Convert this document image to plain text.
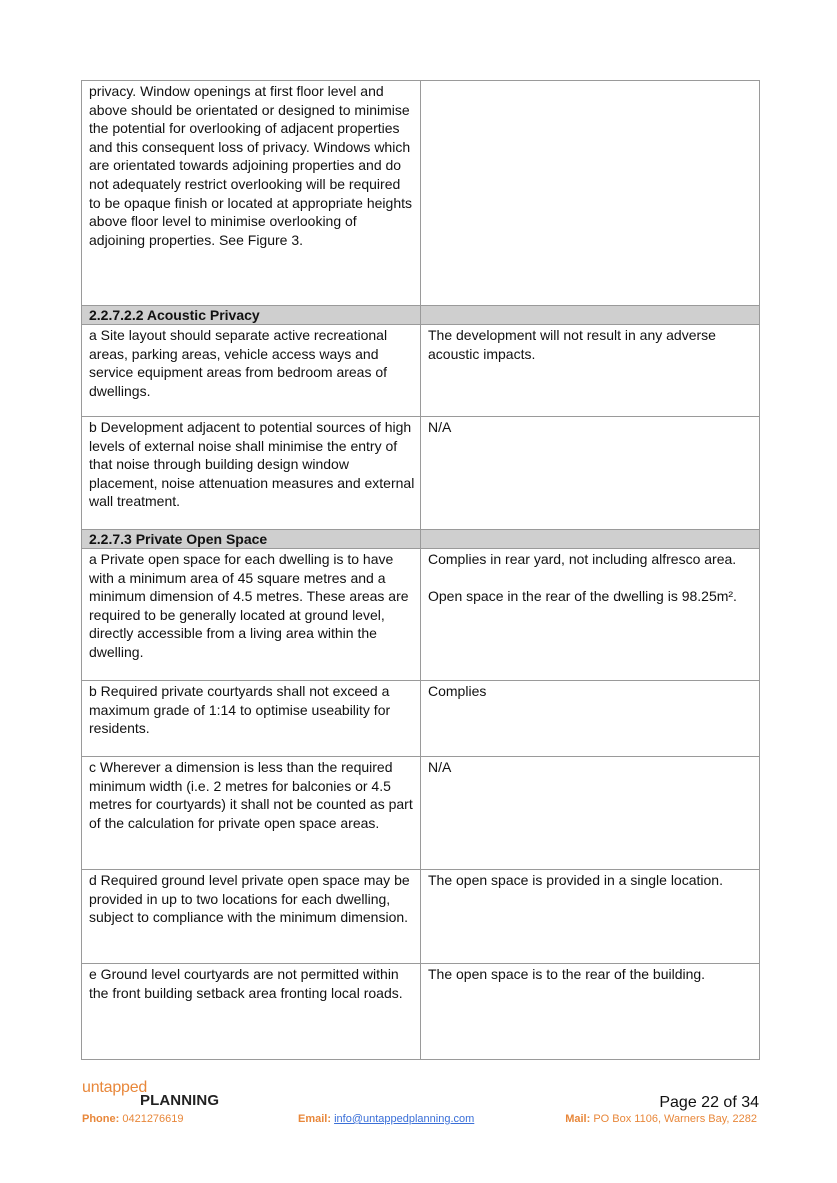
privacy. Window openings at first floor level and above should be orientated or designed to minimise the potential for overlooking of adjacent properties and this consequent loss of privacy. Windows which are orientated towards adjoining properties and do not adequately restrict overlooking will be required to be opaque finish or located at appropriate heights above floor level to minimise overlooking of adjoining properties. See Figure 3.	

2.2.7.2.2 Acoustic Privacy	

a Site layout should separate active recreational areas, parking areas, vehicle access ways and service equipment areas from bedroom areas of dwellings.	The development will not result in any adverse acoustic impacts.

b Development adjacent to potential sources of high levels of external noise shall minimise the entry of that noise through building design window placement, noise attenuation measures and external wall treatment.	N/A

2.2.7.3 Private Open Space	

a Private open space for each dwelling is to have with a minimum area of 45 square metres and a minimum dimension of 4.5 metres. These areas are required to be generally located at ground level, directly accessible from a living area within the dwelling.	Complies in rear yard, not including alfresco area.

Open space in the rear of the dwelling is 98.25m².

b Required private courtyards shall not exceed a maximum grade of 1:14 to optimise useability for residents.	Complies

c Wherever a dimension is less than the required minimum width (i.e. 2 metres for balconies or 4.5 metres for courtyards) it shall not be counted as part of the calculation for private open space areas.	N/A

d Required ground level private open space may be provided in up to two locations for each dwelling, subject to compliance with the minimum dimension.	The open space is provided in a single location.

e Ground level courtyards are not permitted within the front building setback area fronting local roads.	The open space is to the rear of the building.

untapped
PLANNING	Page 22 of 34
Phone: 0421276619	Email: info@untappedplanning.com	Mail: PO Box 1106, Warners Bay, 2282
